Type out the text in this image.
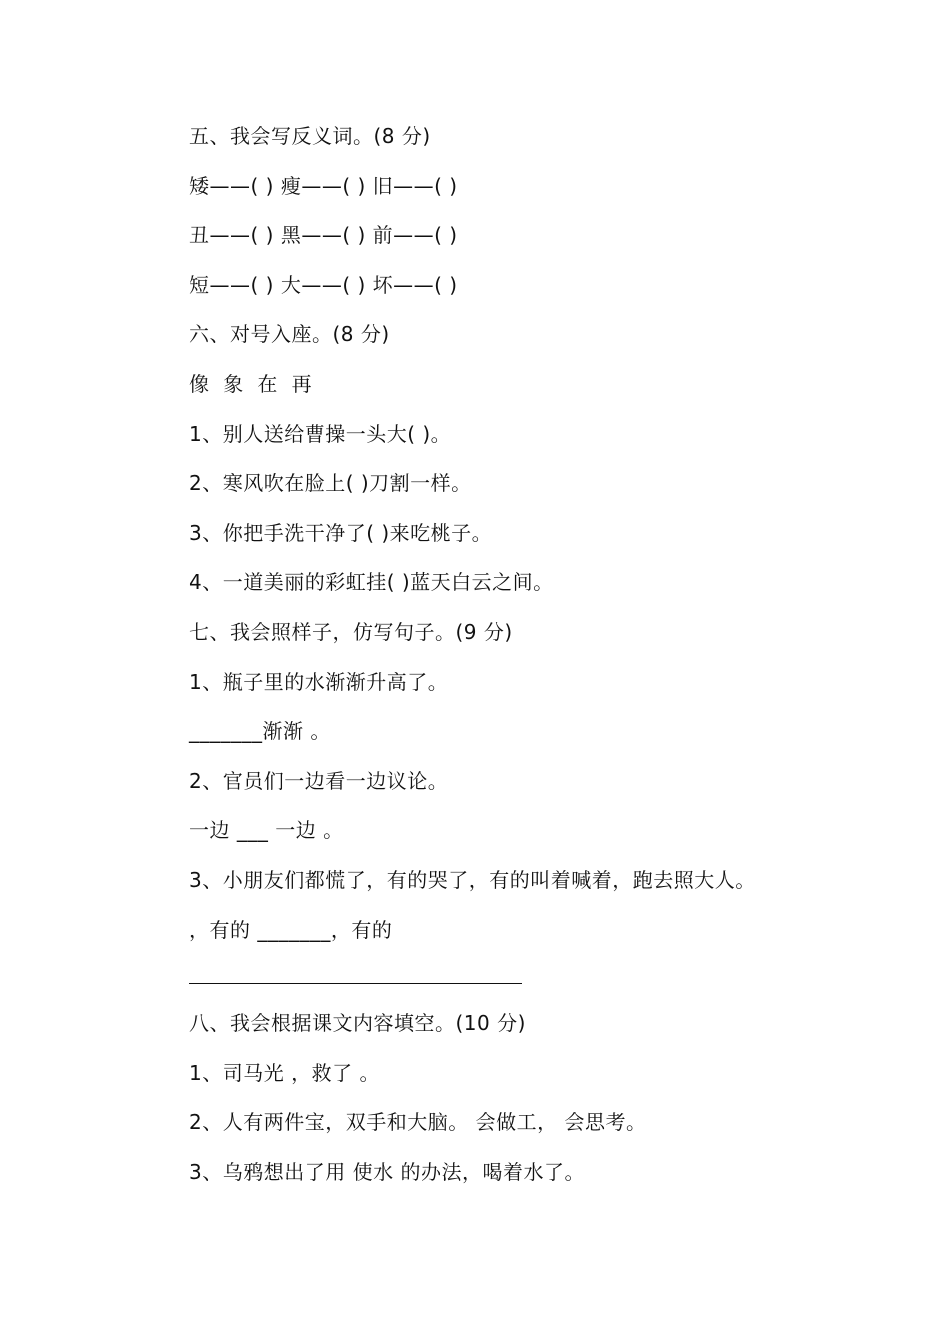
五、我会写反义词。(8 分)
矮——( ) 瘦——( ) 旧——( )
丑——( ) 黑——( ) 前——( )
短——( ) 大——( ) 坏——( )
六、对号入座。(8 分)
像  象  在  再
1、别人送给曹操一头大( )。
2、寒风吹在脸上( )刀割一样。
3、你把手洗干净了( )来吃桃子。
4、一道美丽的彩虹挂( )蓝天白云之间。
七、我会照样子，仿写句子。(9 分)
1、瓶子里的水渐渐升高了。
_______渐渐 。
2、官员们一边看一边议论。
一边 ___ 一边 。
3、小朋友们都慌了，有的哭了，有的叫着喊着，跑去照大人。
，有的 _______，有的
八、我会根据课文内容填空。(10 分)
1、司马光 ，救了 。
2、人有两件宝，双手和大脑。 会做工， 会思考。
3、乌鸦想出了用 使水 的办法，喝着水了。
